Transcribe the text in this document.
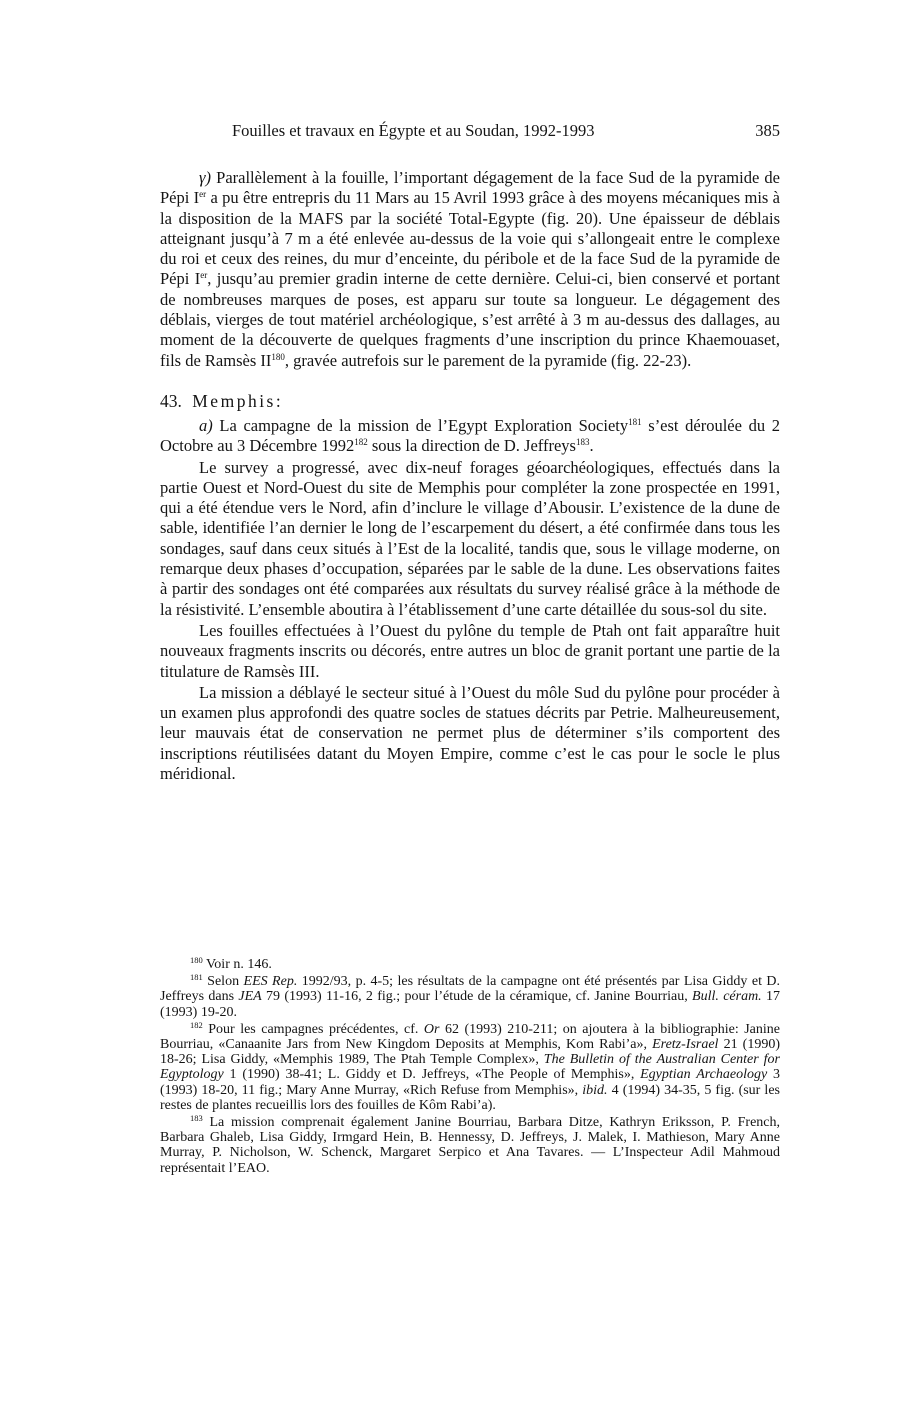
Fouilles et travaux en Égypte et au Soudan, 1992-1993	385

γ) Parallèlement à la fouille, l’important dégagement de la face Sud de la pyramide de Pépi Ier a pu être entrepris du 11 Mars au 15 Avril 1993 grâce à des moyens mécaniques mis à la disposition de la MAFS par la société Total-Egypte (fig. 20). Une épaisseur de déblais atteignant jusqu’à 7 m a été enlevée au-dessus de la voie qui s’allongeait entre le complexe du roi et ceux des reines, du mur d’enceinte, du péribole et de la face Sud de la pyramide de Pépi Ier, jusqu’au premier gradin interne de cette dernière. Celui-ci, bien conservé et portant de nombreuses marques de poses, est apparu sur toute sa longueur. Le dégagement des déblais, vierges de tout matériel archéologique, s’est arrêté à 3 m au-dessus des dallages, au moment de la découverte de quelques fragments d’une inscription du prince Khaemouaset, fils de Ramsès II$^{180}$, gravée autrefois sur le parement de la pyramide (fig. 22-23).

43. Memphis:

a) La campagne de la mission de l’Egypt Exploration Society$^{181}$ s’est déroulée du 2 Octobre au 3 Décembre 1992$^{182}$ sous la direction de D. Jeffreys$^{183}$.

Le survey a progressé, avec dix-neuf forages géoarchéologiques, effectués dans la partie Ouest et Nord-Ouest du site de Memphis pour compléter la zone prospectée en 1991, qui a été étendue vers le Nord, afin d’inclure le village d’Abousir. L’existence de la dune de sable, identifiée l’an dernier le long de l’escarpement du désert, a été confirmée dans tous les sondages, sauf dans ceux situés à l’Est de la localité, tandis que, sous le village moderne, on remarque deux phases d’occupation, séparées par le sable de la dune. Les observations faites à partir des sondages ont été comparées aux résultats du survey réalisé grâce à la méthode de la résistivité. L’ensemble aboutira à l’établissement d’une carte détaillée du sous-sol du site.

Les fouilles effectuées à l’Ouest du pylône du temple de Ptah ont fait apparaître huit nouveaux fragments inscrits ou décorés, entre autres un bloc de granit portant une partie de la titulature de Ramsès III.

La mission a déblayé le secteur situé à l’Ouest du môle Sud du pylône pour procéder à un examen plus approfondi des quatre socles de statues décrits par Petrie. Malheureusement, leur mauvais état de conservation ne permet plus de déterminer s’ils comportent des inscriptions réutilisées datant du Moyen Empire, comme c’est le cas pour le socle le plus méridional.

$^{180}$ Voir n. 146.

$^{181}$ Selon EES Rep. 1992/93, p. 4-5; les résultats de la campagne ont été présentés par Lisa Giddy et D. Jeffreys dans JEA 79 (1993) 11-16, 2 fig.; pour l’étude de la céramique, cf. Janine Bourriau, Bull. céram. 17 (1993) 19-20.

$^{182}$ Pour les campagnes précédentes, cf. Or 62 (1993) 210-211; on ajoutera à la bibliographie: Janine Bourriau, «Canaanite Jars from New Kingdom Deposits at Memphis, Kom Rabi’a», Eretz-Israel 21 (1990) 18-26; Lisa Giddy, «Memphis 1989, The Ptah Temple Complex», The Bulletin of the Australian Center for Egyptology 1 (1990) 38-41; L. Giddy et D. Jeffreys, «The People of Memphis», Egyptian Archaeology 3 (1993) 18-20, 11 fig.; Mary Anne Murray, «Rich Refuse from Memphis», ibid. 4 (1994) 34-35, 5 fig. (sur les restes de plantes recueillis lors des fouilles de Kôm Rabi’a).

$^{183}$ La mission comprenait également Janine Bourriau, Barbara Ditze, Kathryn Eriksson, P. French, Barbara Ghaleb, Lisa Giddy, Irmgard Hein, B. Hennessy, D. Jeffreys, J. Malek, I. Mathieson, Mary Anne Murray, P. Nicholson, W. Schenck, Margaret Serpico et Ana Tavares. — L’Inspecteur Adil Mahmoud représentait l’EAO.
